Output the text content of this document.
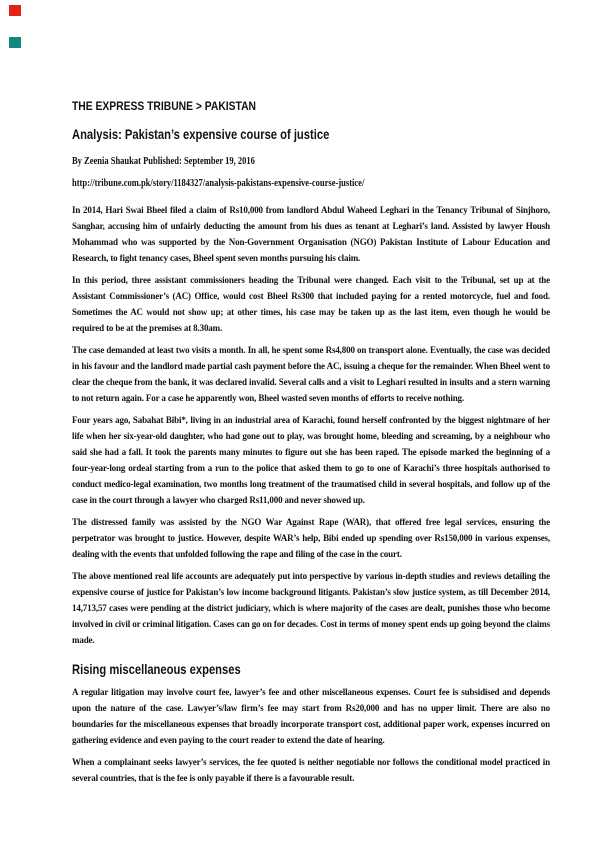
THE EXPRESS TRIBUNE > PAKISTAN
Analysis: Pakistan’s expensive course of justice
By Zeenia Shaukat Published: September 19, 2016
http://tribune.com.pk/story/1184327/analysis-pakistans-expensive-course-justice/

In 2014, Hari Swai Bheel filed a claim of Rs10,000 from landlord Abdul Waheed Leghari in the Tenancy Tribunal of Sinjhoro, Sanghar, accusing him of unfairly deducting the amount from his dues as tenant at Leghari’s land. Assisted by lawyer Housh Mohammad who was supported by the Non-Government Organisation (NGO) Pakistan Institute of Labour Education and Research, to fight tenancy cases, Bheel spent seven months pursuing his claim.

In this period, three assistant commissioners heading the Tribunal were changed. Each visit to the Tribunal, set up at the Assistant Commissioner’s (AC) Office, would cost Bheel Rs300 that included paying for a rented motorcycle, fuel and food. Sometimes the AC would not show up; at other times, his case may be taken up as the last item, even though he would be required to be at the premises at 8.30am.

The case demanded at least two visits a month. In all, he spent some Rs4,800 on transport alone. Eventually, the case was decided in his favour and the landlord made partial cash payment before the AC, issuing a cheque for the remainder. When Bheel went to clear the cheque from the bank, it was declared invalid. Several calls and a visit to Leghari resulted in insults and a stern warning to not return again. For a case he apparently won, Bheel wasted seven months of efforts to receive nothing.

Four years ago, Sabahat Bibi*, living in an industrial area of Karachi, found herself confronted by the biggest nightmare of her life when her six-year-old daughter, who had gone out to play, was brought home, bleeding and screaming, by a neighbour who said she had a fall. It took the parents many minutes to figure out she has been raped. The episode marked the beginning of a four-year-long ordeal starting from a run to the police that asked them to go to one of Karachi’s three hospitals authorised to conduct medico-legal examination, two months long treatment of the traumatised child in several hospitals, and follow up of the case in the court through a lawyer who charged Rs11,000 and never showed up.

The distressed family was assisted by the NGO War Against Rape (WAR), that offered free legal services, ensuring the perpetrator was brought to justice. However, despite WAR’s help, Bibi ended up spending over Rs150,000 in various expenses, dealing with the events that unfolded following the rape and filing of the case in the court.

The above mentioned real life accounts are adequately put into perspective by various in-depth studies and reviews detailing the expensive course of justice for Pakistan’s low income background litigants. Pakistan’s slow justice system, as till December 2014, 14,713,57 cases were pending at the district judiciary, which is where majority of the cases are dealt, punishes those who become involved in civil or criminal litigation. Cases can go on for decades. Cost in terms of money spent ends up going beyond the claims made.

Rising miscellaneous expenses

A regular litigation may involve court fee, lawyer’s fee and other miscellaneous expenses. Court fee is subsidised and depends upon the nature of the case. Lawyer’s/law firm’s fee may start from Rs20,000 and has no upper limit. There are also no boundaries for the miscellaneous expenses that broadly incorporate transport cost, additional paper work, expenses incurred on gathering evidence and even paying to the court reader to extend the date of hearing.

When a complainant seeks lawyer’s services, the fee quoted is neither negotiable nor follows the conditional model practiced in several countries, that is the fee is only payable if there is a favourable result.
